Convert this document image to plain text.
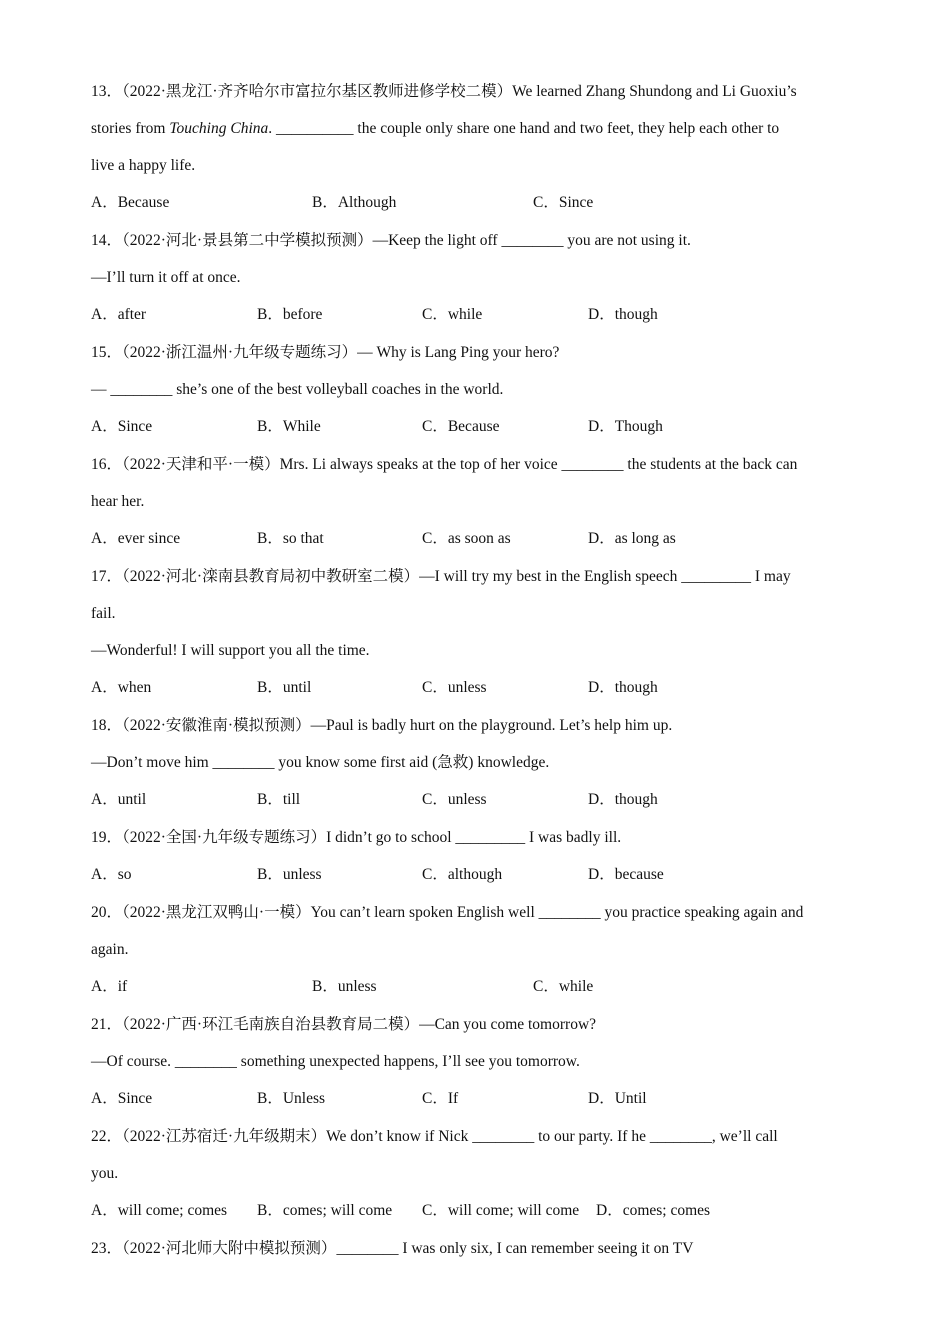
13．（2022·黑龙江·齐齐哈尔市富拉尔基区教师进修学校二模）We learned Zhang Shundong and Li Guoxiu’s
stories from Touching China. __________ the couple only share one hand and two feet, they help each other to
live a happy life.
A．Because	B．Although	C．Since
14．（2022·河北·景县第二中学模拟预测）—Keep the light off ________ you are not using it.
—I’ll turn it off at once.
A．after	B．before	C．while	D．though
15．（2022·浙江温州·九年级专题练习）— Why is Lang Ping your hero?
— ________ she’s one of the best volleyball coaches in the world.
A．Since	B．While	C．Because	D．Though
16．（2022·天津和平·一模）Mrs. Li always speaks at the top of her voice ________ the students at the back can
hear her.
A．ever since	B．so that	C．as soon as	D．as long as
17．（2022·河北·滦南县教育局初中教研室二模）—I will try my best in the English speech _________ I may
fail.
—Wonderful! I will support you all the time.
A．when	B．until	C．unless	D．though
18．（2022·安徽淮南·模拟预测）—Paul is badly hurt on the playground. Let’s help him up.
—Don’t move him ________ you know some first aid (急救) knowledge.
A．until	B．till	C．unless	D．though
19．（2022·全国·九年级专题练习）I didn’t go to school _________ I was badly ill.
A．so	B．unless	C．although	D．because
20．（2022·黑龙江双鸭山·一模）You can’t learn spoken English well ________ you practice speaking again and
again.
A．if	B．unless	C．while
21．（2022·广西·环江毛南族自治县教育局二模）—Can you come tomorrow?
—Of course. ________ something unexpected happens, I’ll see you tomorrow.
A．Since	B．Unless	C．If	D．Until
22．（2022·江苏宿迁·九年级期末）We don’t know if Nick ________ to our party. If he ________, we’ll call
you.
A．will come; comes B．comes; will come C．will come; will come D．comes; comes
23．（2022·河北师大附中模拟预测）________ I was only six, I can remember seeing it on TV
